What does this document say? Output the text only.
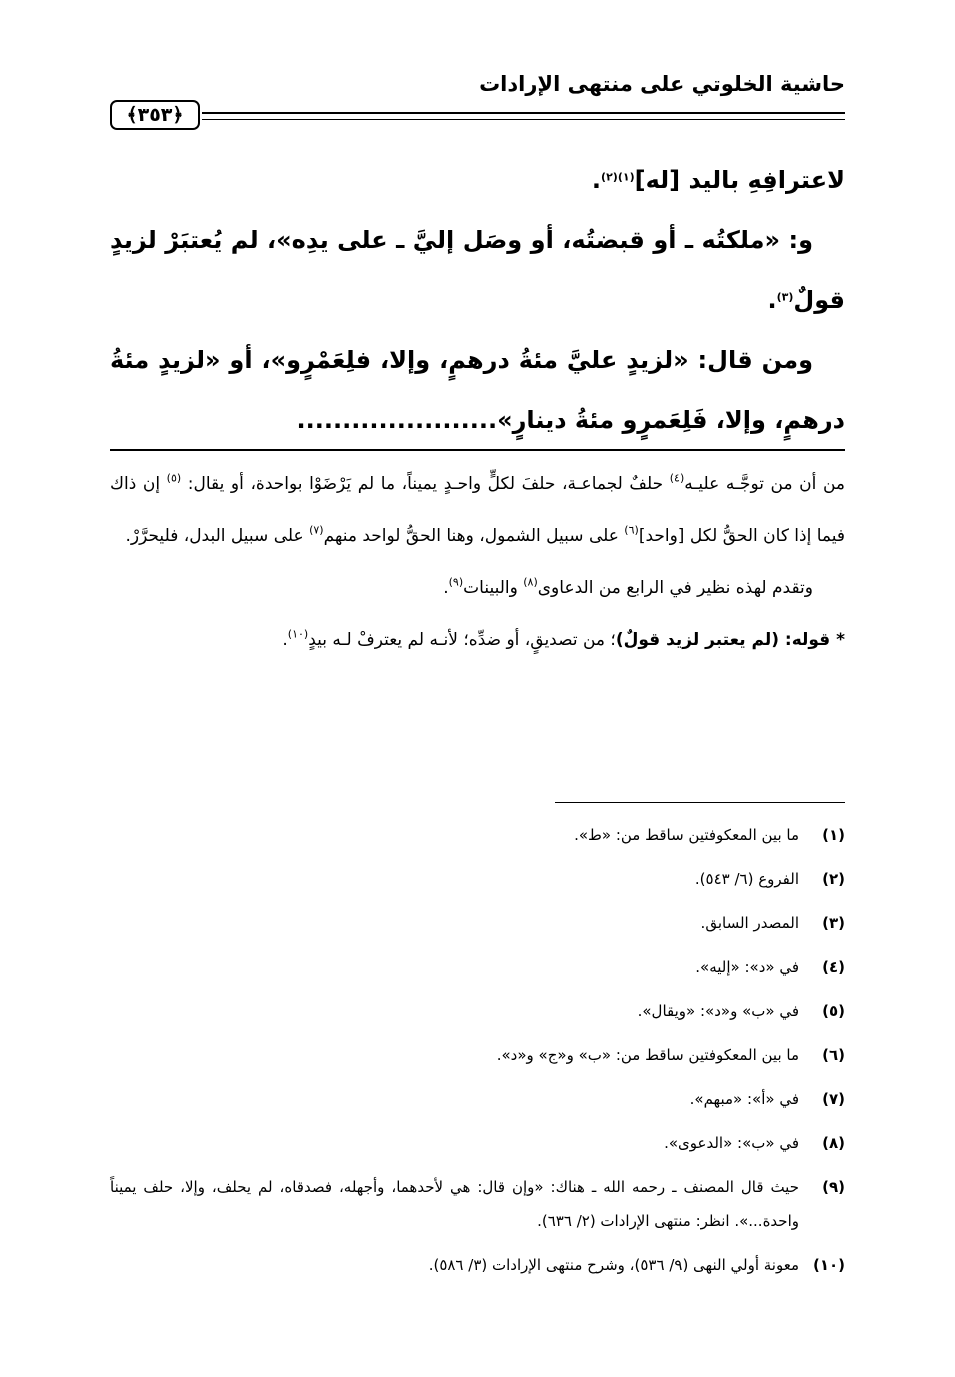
حاشية الخلوتي على منتهى الإرادات
﴿٣٥٣﴾

لاعترافِهِ باليد [له]$^{(١)(٢)}$.

و: «ملكتُه ـ أو قبضتُه، أو وصَل إليَّ ـ على يدِه»، لم يُعتبَرْ لزيدٍ قولٌ$^{(٣)}$.

ومن قال: «لزيدٍ عليَّ مئةُ درهمٍ، وإلا، فلِعَمْرٍو»، أو «لزيدٍ مئةُ درهمٍ، وإلا، فَلِعَمرٍو مئةُ دينارٍ»......................

من أن من توجَّـه عليـه$^{(٤)}$ حلفٌ لجماعـة، حلفَ لكلٍّ واحـدٍ يميناً، ما لم يَرْضَوْا بواحدة، أو يقال: $^{(٥)}$ إن ذاك فيما إذا كان الحقُّ لكل [واحد]$^{(٦)}$ على سبيل الشمول، وهنا الحقُّ لواحد منهم$^{(٧)}$ على سبيل البدل، فليحرَّرْ.

وتقدم لهذه نظير في الرابع من الدعاوى$^{(٨)}$ والبينات$^{(٩)}$.

* قوله: (لم يعتبر لزيد قولٌ)؛ من تصديقٍ، أو ضدِّه؛ لأنـه لم يعترفْ لـه بيدٍ$^{(١٠)}$.

(١)
ما بين المعكوفتين ساقط من: «ط».
(٢)
الفروع (٦/ ٥٤٣).
(٣)
المصدر السابق.
(٤)
في «د»: «إليه».
(٥)
في «ب» و«د»: «ويقال».
(٦)
ما بين المعكوفتين ساقط من: «ب» و«ج» و«د».
(٧)
في «أ»: «مبهم».
(٨)
في «ب»: «الدعوى».
(٩)
حيث قال المصنف ـ رحمه الله ـ هناك: «وإن قال: هي لأحدهما، وأجهله، فصدقاه، لم يحلف، وإلا، حلف يميناً واحدة...». انظر: منتهى الإرادات (٢/ ٦٣٦).
(١٠)
معونة أولي النهى (٩/ ٥٣٦)، وشرح منتهى الإرادات (٣/ ٥٨٦).
